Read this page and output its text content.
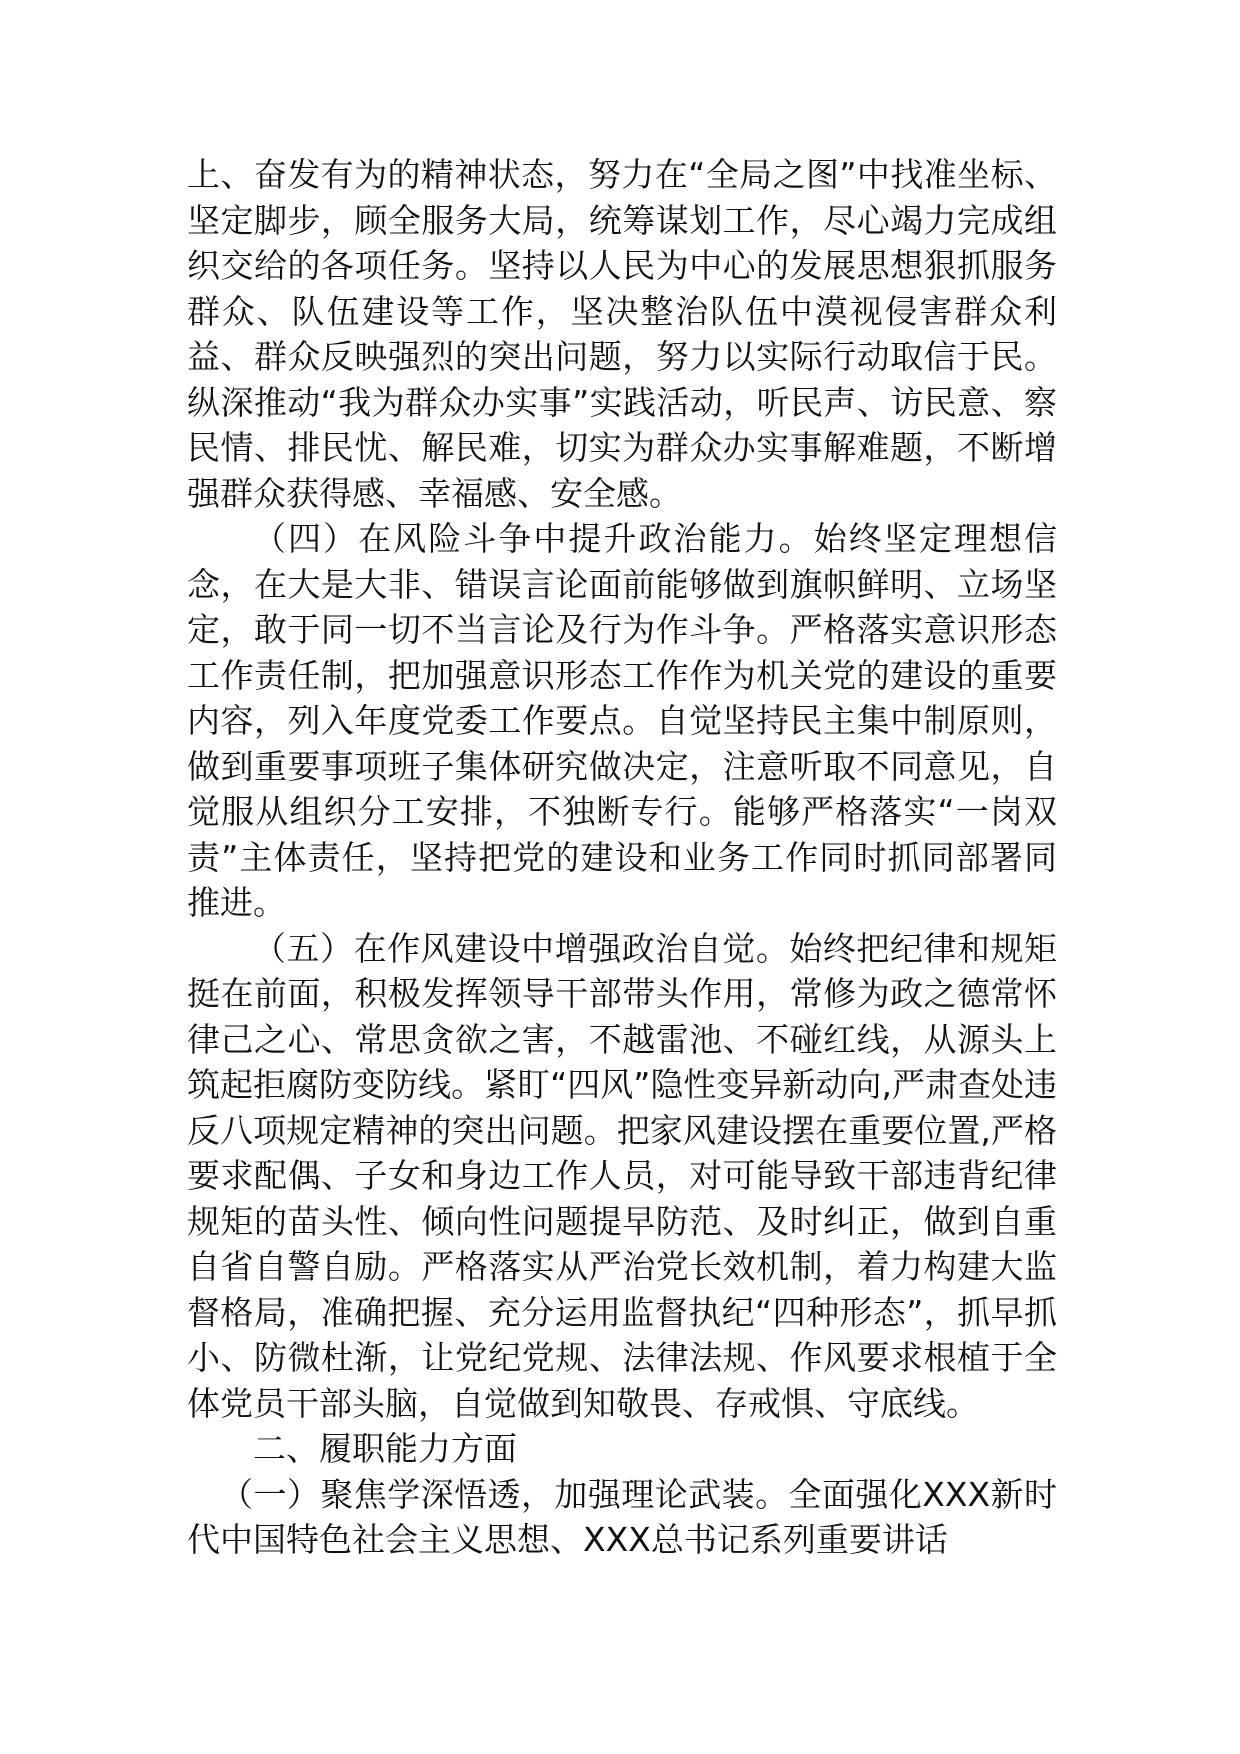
上、奋发有为的精神状态，努力在“全局之图”中找准坐标、坚定脚步，顾全服务大局，统筹谋划工作，尽心竭力完成组织交给的各项任务。坚持以人民为中心的发展思想狠抓服务群众、队伍建设等工作，坚决整治队伍中漠视侵害群众利益、群众反映强烈的突出问题，努力以实际行动取信于民。纵深推动“我为群众办实事”实践活动，听民声、访民意、察民情、排民忧、解民难，切实为群众办实事解难题，不断增强群众获得感、幸福感、安全感。

（四）在风险斗争中提升政治能力。始终坚定理想信念，在大是大非、错误言论面前能够做到旗帜鲜明、立场坚定，敢于同一切不当言论及行为作斗争。严格落实意识形态工作责任制，把加强意识形态工作作为机关党的建设的重要内容，列入年度党委工作要点。自觉坚持民主集中制原则，做到重要事项班子集体研究做决定，注意听取不同意见，自觉服从组织分工安排，不独断专行。能够严格落实“一岗双责”主体责任，坚持把党的建设和业务工作同时抓同部署同推进。

（五）在作风建设中增强政治自觉。始终把纪律和规矩挺在前面，积极发挥领导干部带头作用，常修为政之德常怀律己之心、常思贪欲之害，不越雷池、不碰红线，从源头上筑起拒腐防变防线。紧盯“四风”隐性变异新动向,严肃查处违反八项规定精神的突出问题。把家风建设摆在重要位置,严格要求配偶、子女和身边工作人员，对可能导致干部违背纪律规矩的苗头性、倾向性问题提早防范、及时纠正，做到自重自省自警自励。严格落实从严治党长效机制，着力构建大监督格局，准确把握、充分运用监督执纪“四种形态”，抓早抓小、防微杜渐，让党纪党规、法律法规、作风要求根植于全体党员干部头脑，自觉做到知敬畏、存戒惧、守底线。

二、履职能力方面

（一）聚焦学深悟透，加强理论武装。全面强化XXX新时代中国特色社会主义思想、XXX总书记系列重要讲话
